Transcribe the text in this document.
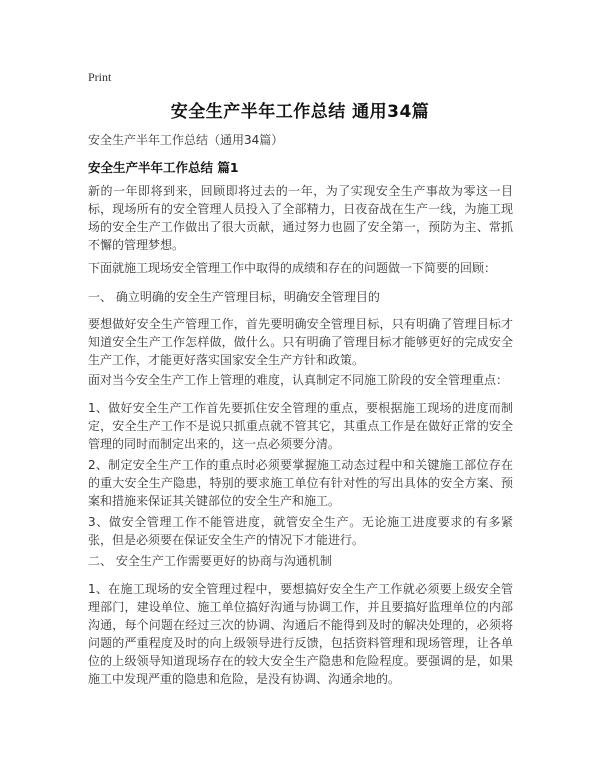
Print
安全生产半年工作总结 通用34篇
安全生产半年工作总结（通用34篇）
安全生产半年工作总结 篇1

新的一年即将到来，回顾即将过去的一年，为了实现安全生产事故为零这一目标，现场所有的安全管理人员投入了全部精力，日夜奋战在生产一线，为施工现场的安全生产工作做出了很大贡献，通过努力也圆了安全第一，预防为主、常抓不懈的管理梦想。

下面就施工现场安全管理工作中取得的成绩和存在的问题做一下简要的回顾：

一、 确立明确的安全生产管理目标，明确安全管理目的

要想做好安全生产管理工作，首先要明确安全管理目标，只有明确了管理目标才知道安全生产工作怎样做，做什么。只有明确了管理目标才能够更好的完成安全生产工作，才能更好落实国家安全生产方针和政策。

面对当今安全生产工作上管理的难度，认真制定不同施工阶段的安全管理重点：

1、做好安全生产工作首先要抓住安全管理的重点，要根据施工现场的进度而制定，安全生产工作不是说只抓重点就不管其它，其重点工作是在做好正常的安全管理的同时而制定出来的，这一点必须要分清。

2、制定安全生产工作的重点时必须要掌握施工动态过程中和关键施工部位存在的重大安全生产隐患，特别的要求施工单位有针对性的写出具体的安全方案、预案和措施来保证其关键部位的安全生产和施工。

3、做安全管理工作不能管进度，就管安全生产。无论施工进度要求的有多紧张，但是必须要在保证安全生产的情况下才能进行。

二、 安全生产工作需要更好的协商与沟通机制

1、在施工现场的安全管理过程中，要想搞好安全生产工作就必须要上级安全管理部门，建设单位、施工单位搞好沟通与协调工作，并且要搞好监理单位的内部沟通，每个问题在经过三次的协调、沟通后不能得到及时的解决处理的，必须将问题的严重程度及时的向上级领导进行反馈，包括资料管理和现场管理，让各单位的上级领导知道现场存在的较大安全生产隐患和危险程度。要强调的是，如果施工中发现严重的隐患和危险，是没有协调、沟通余地的。
